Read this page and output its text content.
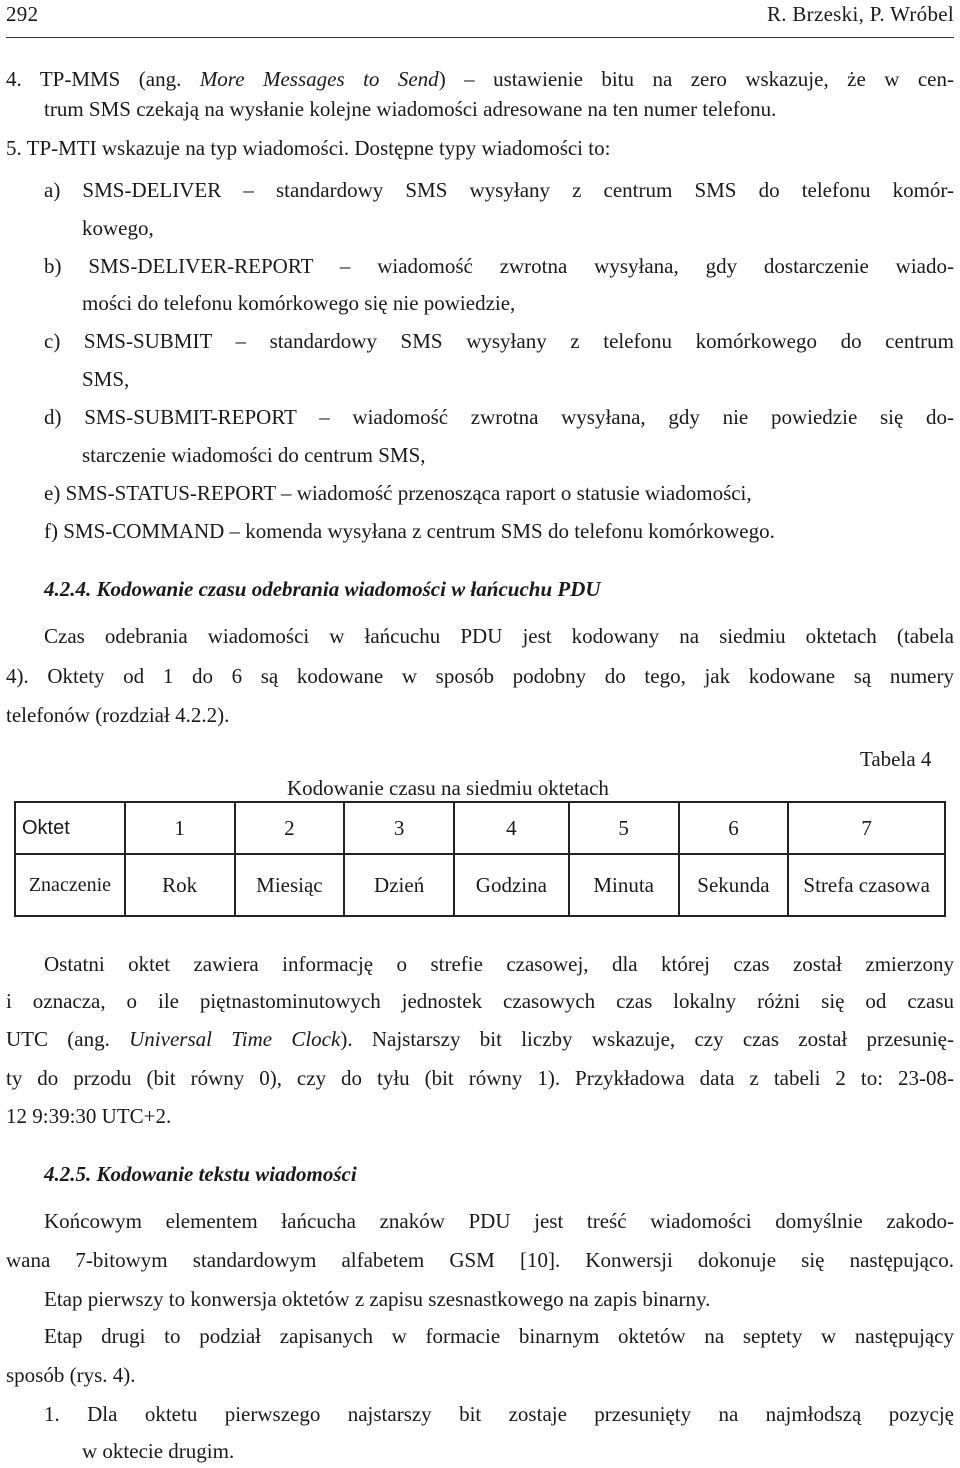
292	R. Brzeski, P. Wróbel
4. TP-MMS (ang. More Messages to Send) – ustawienie bitu na zero wskazuje, że w cen-
trum SMS czekają na wysłanie kolejne wiadomości adresowane na ten numer telefonu.
5. TP-MTI wskazuje na typ wiadomości. Dostępne typy wiadomości to:
a) SMS-DELIVER – standardowy SMS wysyłany z centrum SMS do telefonu komór-
kowego,
b) SMS-DELIVER-REPORT – wiadomość zwrotna wysyłana, gdy dostarczenie wiado-
mości do telefonu komórkowego się nie powiedzie,
c) SMS-SUBMIT – standardowy SMS wysyłany z telefonu komórkowego do centrum
SMS,
d) SMS-SUBMIT-REPORT – wiadomość zwrotna wysyłana, gdy nie powiedzie się do-
starczenie wiadomości do centrum SMS,
e) SMS-STATUS-REPORT – wiadomość przenosząca raport o statusie wiadomości,
f) SMS-COMMAND – komenda wysyłana z centrum SMS do telefonu komórkowego.
4.2.4. Kodowanie czasu odebrania wiadomości w łańcuchu PDU
Czas odebrania wiadomości w łańcuchu PDU jest kodowany na siedmiu oktetach (tabela
4). Oktety od 1 do 6 są kodowane w sposób podobny do tego, jak kodowane są numery
telefonów (rozdział 4.2.2).
Tabela 4
Kodowanie czasu na siedmiu oktetach
Oktet	1	2	3	4	5	6	7
Znaczenie	Rok	Miesiąc	Dzień	Godzina	Minuta	Sekunda	Strefa czasowa
Ostatni oktet zawiera informację o strefie czasowej, dla której czas został zmierzony
i oznacza, o ile piętnastominutowych jednostek czasowych czas lokalny różni się od czasu
UTC (ang. Universal Time Clock). Najstarszy bit liczby wskazuje, czy czas został przesunię-
ty do przodu (bit równy 0), czy do tyłu (bit równy 1). Przykładowa data z tabeli 2 to: 23-08-
12 9:39:30 UTC+2.
4.2.5. Kodowanie tekstu wiadomości
Końcowym elementem łańcucha znaków PDU jest treść wiadomości domyślnie zakodo-
wana 7-bitowym standardowym alfabetem GSM [10]. Konwersji dokonuje się następująco.
Etap pierwszy to konwersja oktetów z zapisu szesnastkowego na zapis binarny.
Etap drugi to podział zapisanych w formacie binarnym oktetów na septety w następujący
sposób (rys. 4).
1. Dla oktetu pierwszego najstarszy bit zostaje przesunięty na najmłodszą pozycję
w oktecie drugim.
